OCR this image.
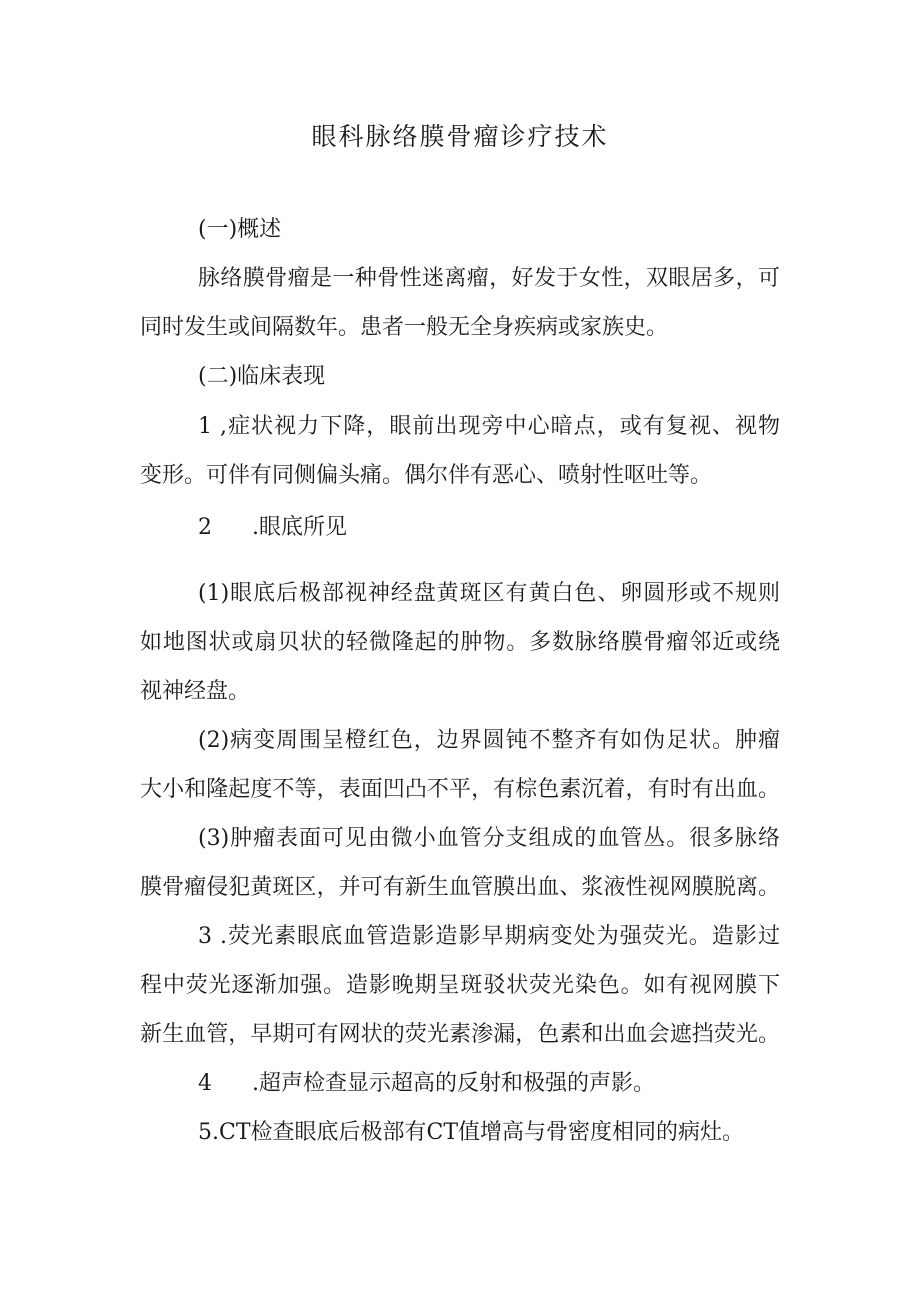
眼科脉络膜骨瘤诊疗技术
(一)概述
脉络膜骨瘤是一种骨性迷离瘤，好发于女性，双眼居多，可
同时发生或间隔数年。患者一般无全身疾病或家族史。
(二)临床表现
1 ,症状视力下降，眼前出现旁中心暗点，或有复视、视物
变形。可伴有同侧偏头痛。偶尔伴有恶心、喷射性呕吐等。
2 .眼底所见
(1)眼底后极部视神经盘黄斑区有黄白色、卵圆形或不规则
如地图状或扇贝状的轻微隆起的肿物。多数脉络膜骨瘤邻近或绕
视神经盘。
(2)病变周围呈橙红色，边界圆钝不整齐有如伪足状。肿瘤
大小和隆起度不等，表面凹凸不平，有棕色素沉着，有时有出血。
(3)肿瘤表面可见由微小血管分支组成的血管丛。很多脉络
膜骨瘤侵犯黄斑区，并可有新生血管膜出血、浆液性视网膜脱离。
3 .荧光素眼底血管造影造影早期病变处为强荧光。造影过
程中荧光逐渐加强。造影晚期呈斑驳状荧光染色。如有视网膜下
新生血管，早期可有网状的荧光素渗漏，色素和出血会遮挡荧光。
4 .超声检查显示超高的反射和极强的声影。
5.CT检查眼底后极部有CT值增高与骨密度相同的病灶。
